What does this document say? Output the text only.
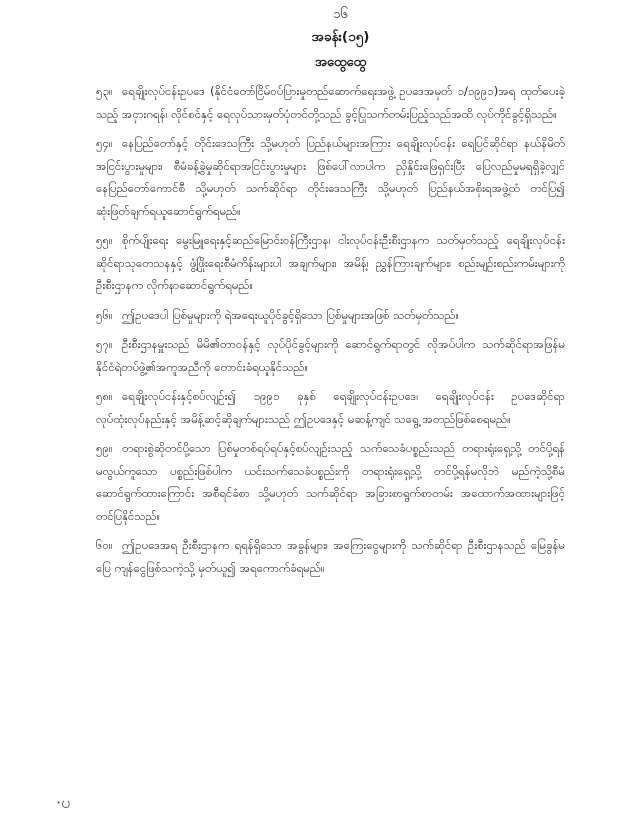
၁၆
အခန်း(၁၅)
အထွေထွေ
၅၃။ ရေချိုးလုပ်ငန်းဥပဒေ (နိုင်ငံတော်ငြိမ်ဝပ်ပြားမှုတည်ဆောက်ရေးအဖွဲ့ ဥပဒေအမှတ် ၁/၁၉၉၁)အရ ထုတ်ပေးခဲ့သည့် အငှားဂရန်၊ လိုင်စင်နှင့် ရေလုပ်သားမှတ်ပုံတင်တို့သည် ခွင့်ပြုသက်တမ်းပြည့်သည်အထိ လုပ်ကိုင်ခွင့်ရှိသည်။
၅၄။ နေပြည်တော်နှင့် တိုင်းဒေသကြီး သို့မဟုတ် ပြည်နယ်များအကြား ရေချိုးလုပ်ငန်း ရေပြင်ဆိုင်ရာ နယ်နိမိတ်အငြင်းပွားမှုများ၊ စီမံခန့်ခွဲမှုဆိုင်ရာအငြင်းပွားမှုများ ဖြစ်ပေါ်လာပါက ညှိနှိုင်းဖြေရှင်းပြီး ပြေလည်မှုမရရှိခဲ့လျှင် နေပြည်တော်ကောင်စီ သို့မဟုတ် သက်ဆိုင်ရာ တိုင်းဒေသကြီး သို့မဟုတ် ပြည်နယ်အစိုးရအဖွဲ့ထံ တင်ပြ၍ ဆုံးဖြတ်ချက်ရယူဆောင်ရွက်ရမည်။
၅၅။ စိုက်ပျိုးရေး မွေးမြူရေးနှင့်ဆည်မြောင်းဝန်ကြီးဌာန၊ ငါးလုပ်ငန်းဦးစီးဌာနက သတ်မှတ်သည့် ရေချိုးလုပ်ငန်းဆိုင်ရာသုတေသနနှင့် ဖွံ့ဖြိုးရေးစီမံကိန်းများပါ အချက်များ၊ အမိန့်၊ ညွှန်ကြားချက်များ၊ စည်းမျဉ်းစည်းကမ်းများကို ဦးစီးဌာနက လိုက်နာဆောင်ရွက်ရမည်။
၅၆။ ဤဥပဒေပါ ပြစ်မှုများကို ရဲအရေးယူပိုင်ခွင့်ရှိသော ပြစ်မှုများအဖြစ် သတ်မှတ်သည်။
၅၇။ ဦးစီးဌာနမှူးသည် မိမိ၏တာဝန်နှင့် လုပ်ပိုင်ခွင့်များကို ဆောင်ရွက်ရာတွင် လိုအပ်ပါက သက်ဆိုင်ရာအဖြန်မနိုင်ငံရဲတပ်ဖွဲ့၏အကူအညီကို တောင်းခံရယူနိုင်သည်။
၅၈။ ရေချိုးလုပ်ငန်းနှင့်စပ်လျဉ်း၍ ၁၉၉၁ ခုနှစ် ရေချိုးလုပ်ငန်းဥပဒေ၊ ရေချိုးလုပ်ငန်း ဥပဒေဆိုင်ရာ လုပ်ထုံးလုပ်နည်းနှင့် အမိန့်ဆင့်ဆိုချက်များသည် ဤဥပဒေနှင့် မဆန့်ကျင် သရွေ့ အတည်ဖြစ်စေရမည်။
၅၉။ တရားစွဲဆိုတင်ပို့သော ပြစ်မှုတစ်ရပ်ရပ်နှင့်စပ်လျဉ်းသည့် သက်သေခံပစ္စည်းသည် တရားရုံးရှေ့သို့ တင်ပို့ရန်မလွယ်ကူသော ပစ္စည်းဖြစ်ပါက ယင်းသက်သေခံပစ္စည်းကို တရားရုံးရှေ့သို့ တင်ပို့ရန်မလိုဘဲ မည်ကဲ့သို့စီမံဆောင်ရွက်ထားကြောင်း အစီရင်ခံစာ သို့မဟုတ် သက်ဆိုင်ရာ အခြားစာရွက်စာတမ်း အထောက်အထားများဖြင့် တင်ပြနိုင်သည်။
၆၀။ ဤဥပဒေအရ ဦးစီးဌာနက ရရန်ရှိသော အခွန်များ၊ အကြေးငွေများကို သက်ဆိုင်ရာ ဦးစီးဌာနသည် မြေခွန်မပြေ ကျန်ငွေဖြစ်သကဲ့သို့ မှတ်ယူ၍ အရကောက်ခံရမည်။
·ပ
